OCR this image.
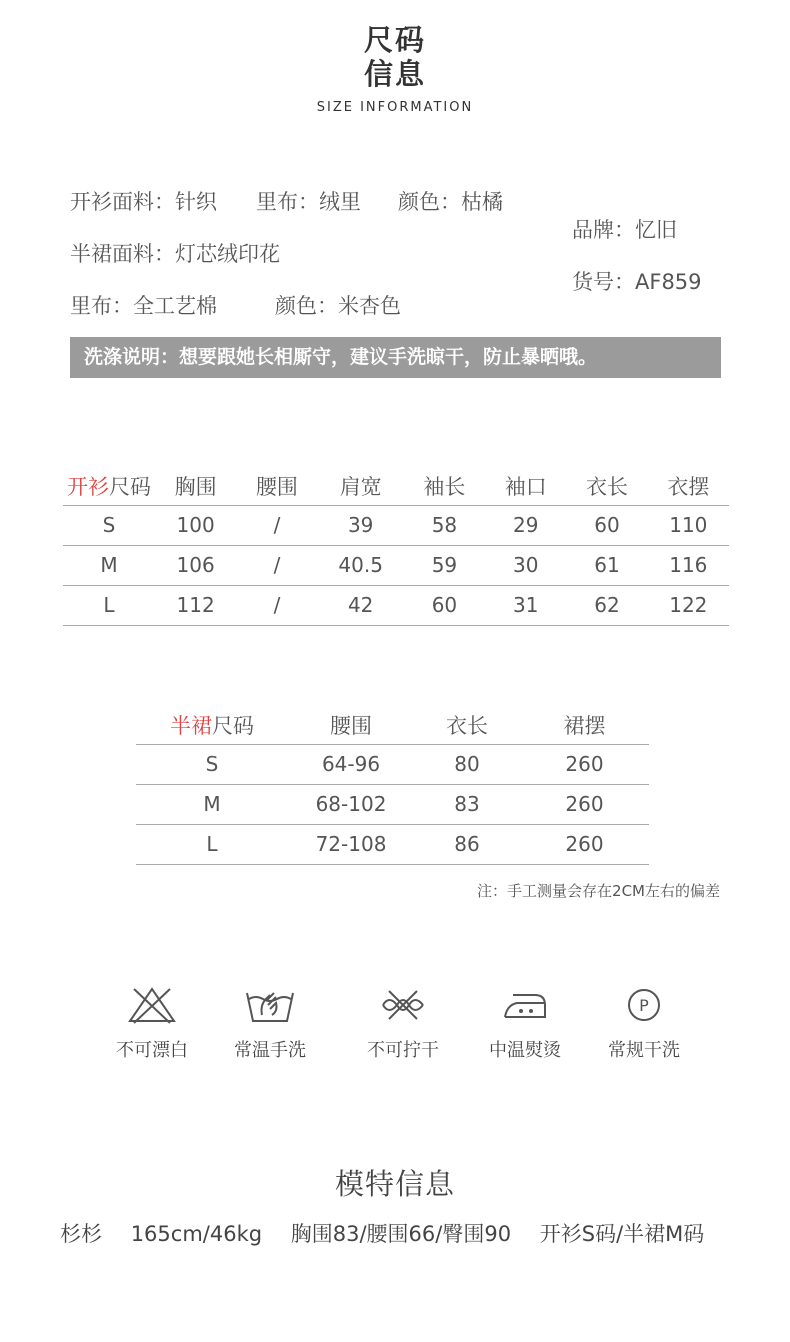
尺码
信息
SIZE INFORMATION
开衫面料：针织 里布：绒里 颜色：枯橘
半裙面料：灯芯绒印花
里布：全工艺棉	颜色：米杏色
品牌：忆旧
货号：AF859
洗涤说明：想要跟她长相厮守，建议手洗晾干，防止暴晒哦。
开衫尺码	胸围	腰围	肩宽	袖长	袖口	衣长	衣摆
S	100	/	39	58	29	60	110
M	106	/	40.5	59	30	61	116
L	112	/	42	60	31	62	122
半裙尺码	腰围	衣长	裙摆
S	64-96	80	260
M	68-102	83	260
L	72-108	86	260
注：手工测量会存在2CM左右的偏差
不可漂白	常温手洗	不可拧干	中温熨烫
P
常规干洗
模特信息
杉杉 165cm/46kg 胸围83/腰围66/臀围90 开衫S码/半裙M码
